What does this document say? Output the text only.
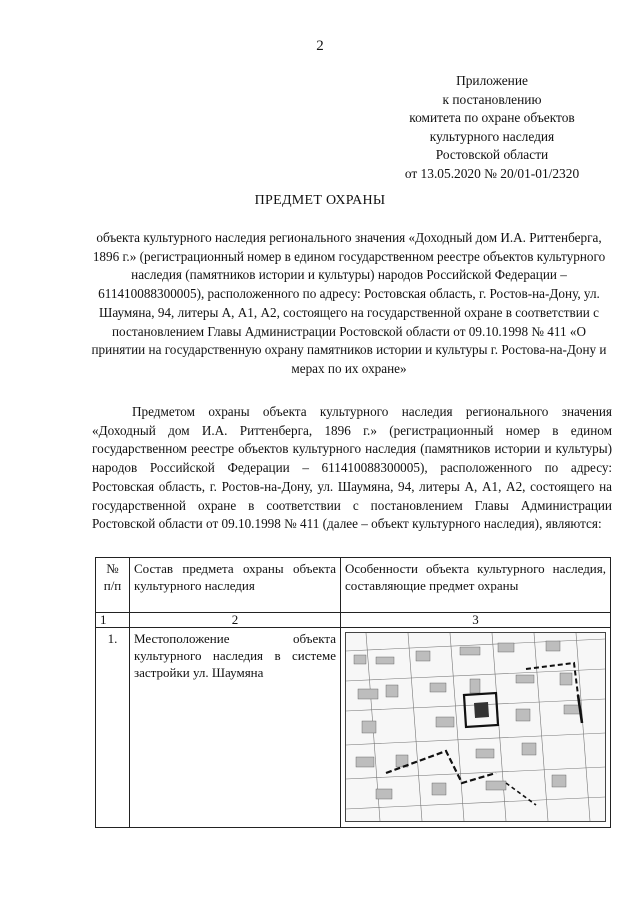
2
Приложение
к постановлению
комитета по охране объектов
культурного наследия
Ростовской области
от 13.05.2020 № 20/01-01/2320
ПРЕДМЕТ ОХРАНЫ
объекта культурного наследия регионального значения «Доходный дом И.А. Риттенберга, 1896 г.» (регистрационный номер в едином государственном реестре объектов культурного наследия (памятников истории и культуры) народов Российской Федерации – 611410088300005), расположенного по адресу: Ростовская область, г. Ростов-на-Дону, ул. Шаумяна, 94, литеры А, А1, А2, состоящего на государственной охране в соответствии с постановлением Главы Администрации Ростовской области от 09.10.1998 № 411 «О принятии на государственную охрану памятников истории и культуры г. Ростова-на-Дону и мерах по их охране»

Предметом охраны объекта культурного наследия регионального значения «Доходный дом И.А. Риттенберга, 1896 г.» (регистрационный номер в едином государственном реестре объектов культурного наследия (памятников истории и культуры) народов Российской Федерации – 611410088300005), расположенного по адресу: Ростовская область, г. Ростов-на-Дону, ул. Шаумяна, 94, литеры А, А1, А2, состоящего на государственной охране в соответствии с постановлением Главы Администрации Ростовской области от 09.10.1998 № 411 (далее – объект культурного наследия), являются:

№ п/п	Состав предмета охраны объекта культурного наследия	Особенности объекта культурного наследия, составляющие предмет охраны
1	2	3
1.	Местоположение объекта культурного наследия в системе застройки ул. Шаумяна	
